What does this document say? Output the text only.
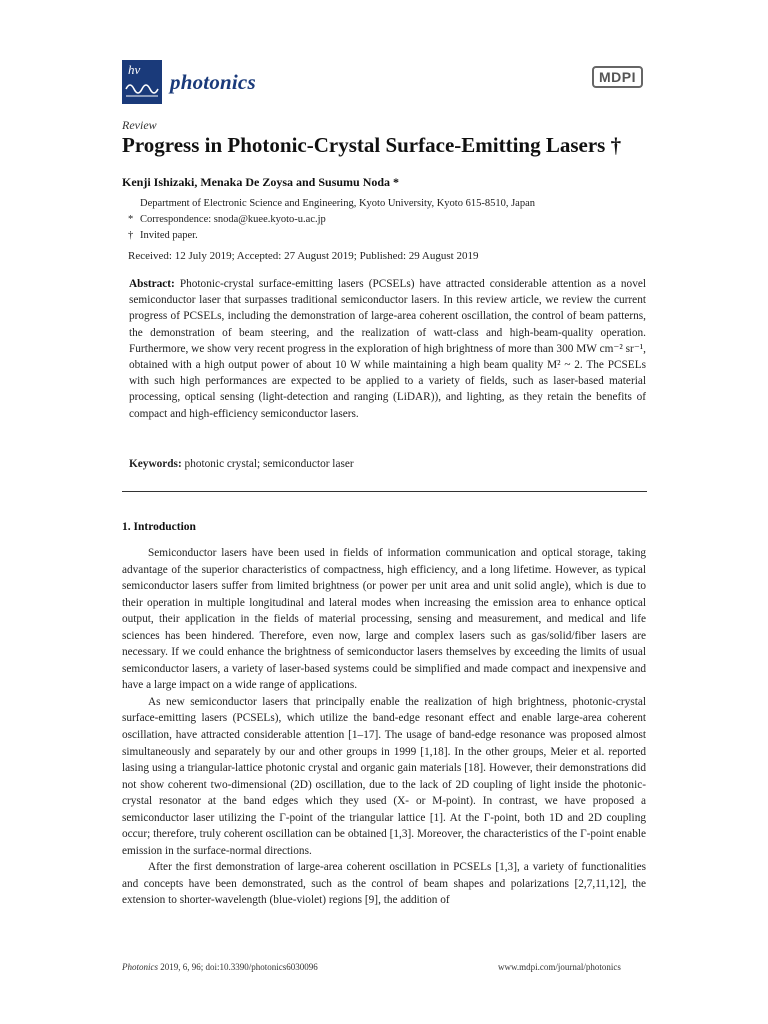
hv photonics	MDPI
Review
Progress in Photonic-Crystal Surface-Emitting Lasers †
Kenji Ishizaki, Menaka De Zoysa and Susumu Noda *
Department of Electronic Science and Engineering, Kyoto University, Kyoto 615-8510, Japan
* Correspondence: snoda@kuee.kyoto-u.ac.jp
† Invited paper.
Received: 12 July 2019; Accepted: 27 August 2019; Published: 29 August 2019
Abstract: Photonic-crystal surface-emitting lasers (PCSELs) have attracted considerable attention as a novel semiconductor laser that surpasses traditional semiconductor lasers. In this review article, we review the current progress of PCSELs, including the demonstration of large-area coherent oscillation, the control of beam patterns, the demonstration of beam steering, and the realization of watt-class and high-beam-quality operation. Furthermore, we show very recent progress in the exploration of high brightness of more than 300 MW cm⁻² sr⁻¹, obtained with a high output power of about 10 W while maintaining a high beam quality M² ~ 2. The PCSELs with such high performances are expected to be applied to a variety of fields, such as laser-based material processing, optical sensing (light-detection and ranging (LiDAR)), and lighting, as they retain the benefits of compact and high-efficiency semiconductor lasers.
Keywords: photonic crystal; semiconductor laser
1. Introduction

Semiconductor lasers have been used in fields of information communication and optical storage, taking advantage of the superior characteristics of compactness, high efficiency, and a long lifetime. However, as typical semiconductor lasers suffer from limited brightness (or power per unit area and unit solid angle), which is due to their operation in multiple longitudinal and lateral modes when increasing the emission area to enhance optical output, their application in the fields of material processing, sensing and measurement, and medical and life sciences has been hindered. Therefore, even now, large and complex lasers such as gas/solid/fiber lasers are necessary. If we could enhance the brightness of semiconductor lasers themselves by exceeding the limits of usual semiconductor lasers, a variety of laser-based systems could be simplified and made compact and inexpensive and have a large impact on a wide range of applications.

As new semiconductor lasers that principally enable the realization of high brightness, photonic-crystal surface-emitting lasers (PCSELs), which utilize the band-edge resonant effect and enable large-area coherent oscillation, have attracted considerable attention [1–17]. The usage of band-edge resonance was proposed almost simultaneously and separately by our and other groups in 1999 [1,18]. In the other groups, Meier et al. reported lasing using a triangular-lattice photonic crystal and organic gain materials [18]. However, their demonstrations did not show coherent two-dimensional (2D) oscillation, due to the lack of 2D coupling of light inside the photonic-crystal resonator at the band edges which they used (X- or M-point). In contrast, we have proposed a semiconductor laser utilizing the Γ-point of the triangular lattice [1]. At the Γ-point, both 1D and 2D coupling occur; therefore, truly coherent oscillation can be obtained [1,3]. Moreover, the characteristics of the Γ-point enable emission in the surface-normal directions.

After the first demonstration of large-area coherent oscillation in PCSELs [1,3], a variety of functionalities and concepts have been demonstrated, such as the control of beam shapes and polarizations [2,7,11,12], the extension to shorter-wavelength (blue-violet) regions [9], the addition of

Photonics 2019, 6, 96; doi:10.3390/photonics6030096	www.mdpi.com/journal/photonics
